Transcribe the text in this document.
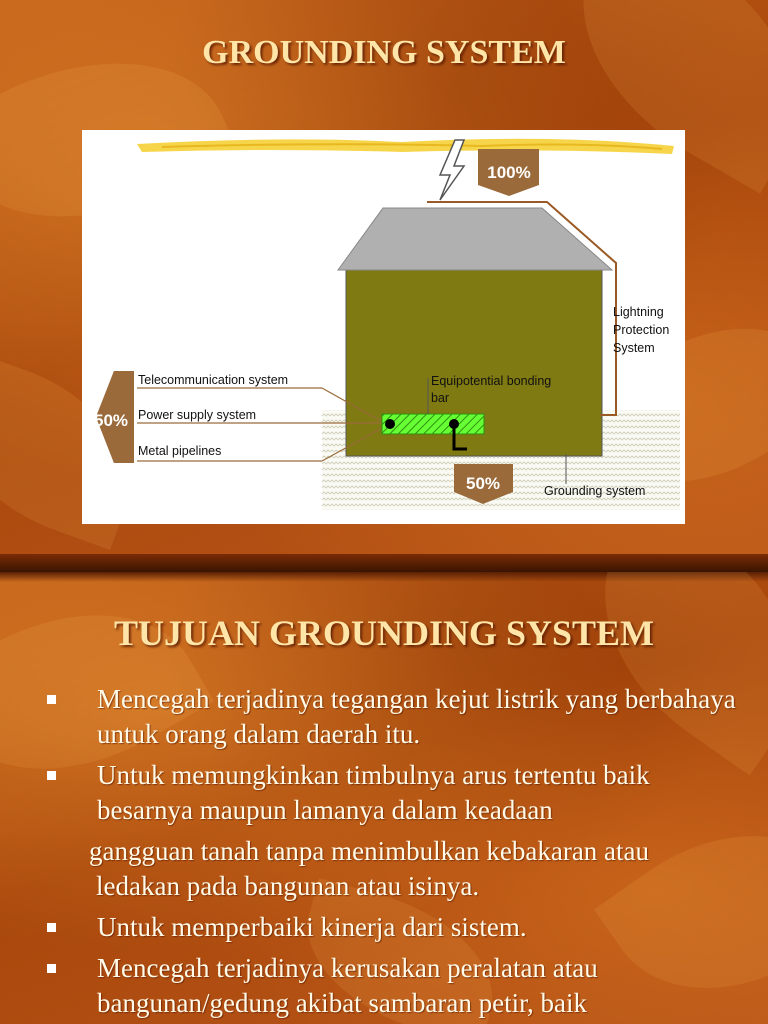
GROUNDING SYSTEM
100%
50%
50%
Telecommunication system
Power supply system
Metal pipelines
Equipotential bonding
bar
Lightning
Protection
System
Grounding system
TUJUAN GROUNDING SYSTEM
Mencegah terjadinya tegangan kejut listrik yang berbahaya untuk orang dalam daerah itu.
Untuk memungkinkan timbulnya arus tertentu baik besarnya maupun lamanya dalam keadaan
gangguan tanah tanpa menimbulkan kebakaran atau
ledakan pada bangunan atau isinya.
Untuk memperbaiki kinerja dari sistem.
Mencegah terjadinya kerusakan peralatan atau bangunan/gedung akibat sambaran petir, baik
